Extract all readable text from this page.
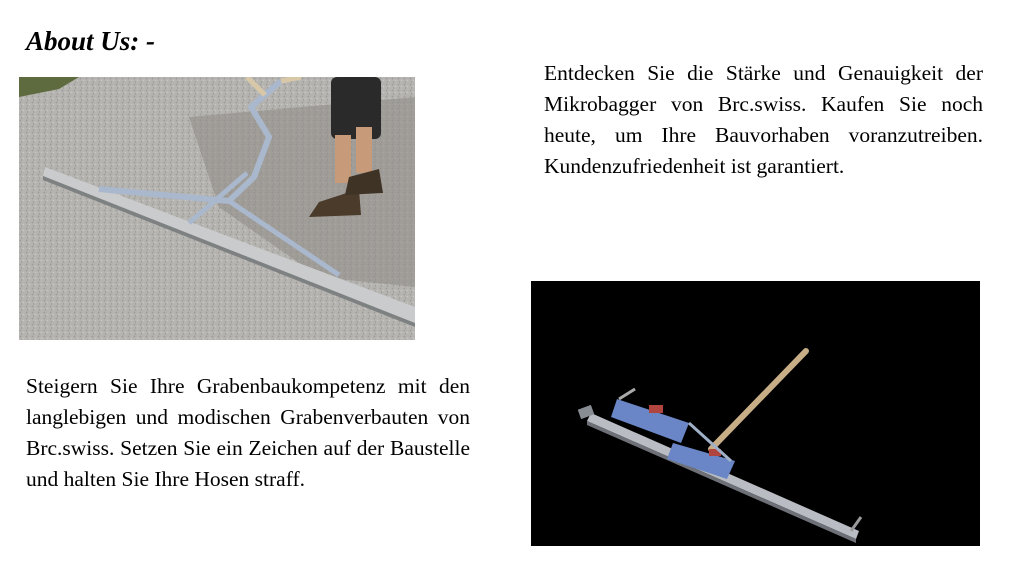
About Us: -

Entdecken Sie die Stärke und Genauigkeit der Mikrobagger von Brc.swiss. Kaufen Sie noch heute, um Ihre Bauvorhaben voranzutreiben. Kundenzufriedenheit ist garantiert.

Steigern Sie Ihre Grabenbaukompetenz mit den langlebigen und modischen Grabenverbauten von Brc.swiss. Setzen Sie ein Zeichen auf der Baustelle und halten Sie Ihre Hosen straff.
